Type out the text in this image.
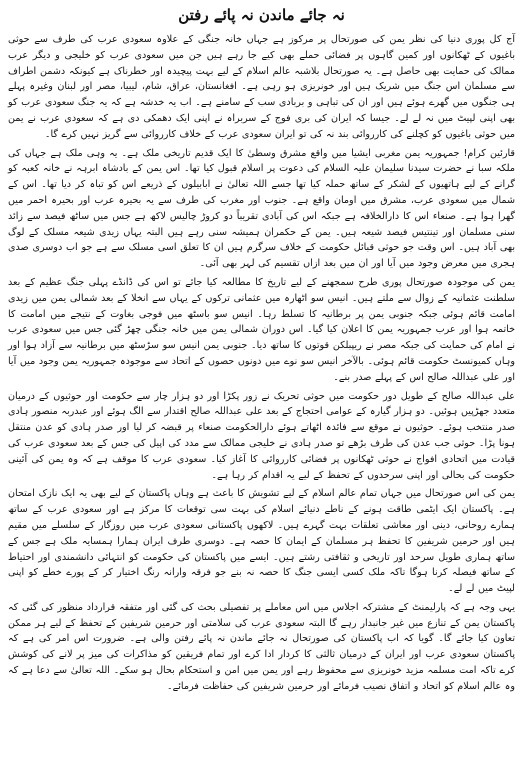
نہ جائے ماندن نہ پائے رفتن

آج کل پوری دنیا کی نظر یمن کی صورتحال پر مرکوز ہے جہاں خانہ جنگی کے علاوہ سعودی عرب کی طرف سے حوثی باغیوں کے ٹھکانوں اور کمین گاہوں پر فضائی حملے بھی کیے جا رہے ہیں جن میں سعودی عرب کو خلیجی و دیگر عرب ممالک کی حمایت بھی حاصل ہے۔ یہ صورتحال بلاشبہ عالم اسلام کے لیے بہت پیچیدہ اور خطرناک ہے کیونکہ دشمن اطراف سے مسلمان اس جنگ میں شریک ہیں اور خونریزی ہو رہی ہے۔ افغانستان، عراق، شام، لیبیا، مصر اور لبنان وغیرہ پہلے ہی جنگوں میں گھرے ہوئے ہیں اور ان کی تباہی و بربادی سب کے سامنے ہے۔ اب یہ خدشہ ہے کہ یہ جنگ سعودی عرب کو بھی اپنی لپیٹ میں نہ لے لے۔ جیسا کہ ایران کی بری فوج کے سربراہ نے اپنی ایک دھمکی دی ہے کہ سعودی عرب نے یمن میں حوثی باغیوں کو کچلنے کی کارروائی بند نہ کی تو ایران سعودی عرب کے خلاف کارروائی سے گریز نہیں کرے گا۔

قارئین کرام! جمہوریہ یمن مغربی ایشیا میں واقع مشرق وسطیٰ کا ایک قدیم تاریخی ملک ہے۔ یہ وہی ملک ہے جہاں کی ملکہ سبا نے حضرت سیدنا سلیمان علیہ السلام کی دعوت پر اسلام قبول کیا تھا۔ اس یمن کے بادشاہ ابرہہ نے خانہ کعبہ کو گرانے کے لیے ہاتھیوں کے لشکر کے ساتھ حملہ کیا تھا جسے اللہ تعالیٰ نے ابابیلوں کے ذریعے اس کو تباہ کر دیا تھا۔ اس کے شمال میں سعودی عرب، مشرق میں اومان واقع ہے۔ جنوب اور مغرب کی طرف سے یہ بحیرہ عرب اور بحیرہ احمر میں گھرا ہوا ہے۔ صنعاء اس کا دارالخلافہ ہے جبکہ اس کی آبادی تقریباً دو کروڑ چالیس لاکھ ہے جس میں ساٹھ فیصد سے زائد سنی مسلمان اور تینتیس فیصد شیعہ ہیں۔ یمن کے حکمران ہمیشہ سنی رہے ہیں البتہ یہاں زیدی شیعہ مسلک کے لوگ بھی آباد ہیں۔ اس وقت جو حوثی قبائل حکومت کے خلاف سرگرم ہیں ان کا تعلق اسی مسلک سے ہے جو اب دوسری صدی ہجری میں معرض وجود میں آیا اور ان میں بعد ازاں تقسیم کی لہر بھی آئی۔

یمن کی موجودہ صورتحال پوری طرح سمجھنے کے لیے تاریخ کا مطالعہ کیا جائے تو اس کی ڈانڈے پہلی جنگ عظیم کے بعد سلطنت عثمانیہ کے زوال سے ملتے ہیں۔ انیس سو اٹھارہ میں عثمانی ترکوں کے یہاں سے انخلا کے بعد شمالی یمن میں زیدی امامت قائم ہوئی جبکہ جنوبی یمن پر برطانیہ کا تسلط رہا۔ انیس سو باسٹھ میں فوجی بغاوت کے نتیجے میں امامت کا خاتمہ ہوا اور عرب جمہوریہ یمن کا اعلان کیا گیا۔ اس دوران شمالی یمن میں خانہ جنگی چھڑ گئی جس میں سعودی عرب نے امام کی حمایت کی جبکہ مصر نے ریپبلکن قوتوں کا ساتھ دیا۔ جنوبی یمن انیس سو سڑسٹھ میں برطانیہ سے آزاد ہوا اور وہاں کمیونسٹ حکومت قائم ہوئی۔ بالآخر انیس سو نوے میں دونوں حصوں کے اتحاد سے موجودہ جمہوریہ یمن وجود میں آیا اور علی عبداللہ صالح اس کے پہلے صدر بنے۔

علی عبداللہ صالح کے طویل دور حکومت میں حوثی تحریک نے زور پکڑا اور دو ہزار چار سے حکومت اور حوثیوں کے درمیان متعدد جھڑپیں ہوئیں۔ دو ہزار گیارہ کے عوامی احتجاج کے بعد علی عبداللہ صالح اقتدار سے الگ ہوئے اور عبدربہ منصور ہادی صدر منتخب ہوئے۔ حوثیوں نے موقع سے فائدہ اٹھاتے ہوئے دارالحکومت صنعاء پر قبضہ کر لیا اور صدر ہادی کو عدن منتقل ہونا پڑا۔ حوثی جب عدن کی طرف بڑھے تو صدر ہادی نے خلیجی ممالک سے مدد کی اپیل کی جس کے بعد سعودی عرب کی قیادت میں اتحادی افواج نے حوثی ٹھکانوں پر فضائی کارروائی کا آغاز کیا۔ سعودی عرب کا موقف ہے کہ وہ یمن کی آئینی حکومت کی بحالی اور اپنی سرحدوں کے تحفظ کے لیے یہ اقدام کر رہا ہے۔

یمن کی اس صورتحال میں جہاں تمام عالم اسلام کے لیے تشویش کا باعث ہے وہاں پاکستان کے لیے بھی یہ ایک نازک امتحان ہے۔ پاکستان ایک ایٹمی طاقت ہونے کے ناطے دنیائے اسلام کی بہت سی توقعات کا مرکز ہے اور سعودی عرب کے ساتھ ہمارے روحانی، دینی اور معاشی تعلقات بہت گہرے ہیں۔ لاکھوں پاکستانی سعودی عرب میں روزگار کے سلسلے میں مقیم ہیں اور حرمین شریفین کا تحفظ ہر مسلمان کے ایمان کا حصہ ہے۔ دوسری طرف ایران ہمارا ہمسایہ ملک ہے جس کے ساتھ ہماری طویل سرحد اور تاریخی و ثقافتی رشتے ہیں۔ ایسے میں پاکستان کی حکومت کو انتہائی دانشمندی اور احتیاط کے ساتھ فیصلہ کرنا ہوگا تاکہ ملک کسی ایسی جنگ کا حصہ نہ بنے جو فرقہ وارانہ رنگ اختیار کر کے پورے خطے کو اپنی لپیٹ میں لے لے۔

یہی وجہ ہے کہ پارلیمنٹ کے مشترکہ اجلاس میں اس معاملے پر تفصیلی بحث کی گئی اور متفقہ قرارداد منظور کی گئی کہ پاکستان یمن کے تنازع میں غیر جانبدار رہے گا البتہ سعودی عرب کی سلامتی اور حرمین شریفین کے تحفظ کے لیے ہر ممکن تعاون کیا جائے گا۔ گویا کہ اب پاکستان کی صورتحال نہ جائے ماندن نہ پائے رفتن والی ہے۔ ضرورت اس امر کی ہے کہ پاکستان سعودی عرب اور ایران کے درمیان ثالثی کا کردار ادا کرے اور تمام فریقین کو مذاکرات کی میز پر لانے کی کوشش کرے تاکہ امت مسلمہ مزید خونریزی سے محفوظ رہے اور یمن میں امن و استحکام بحال ہو سکے۔ اللہ تعالیٰ سے دعا ہے کہ وہ عالم اسلام کو اتحاد و اتفاق نصیب فرمائے اور حرمین شریفین کی حفاظت فرمائے۔
